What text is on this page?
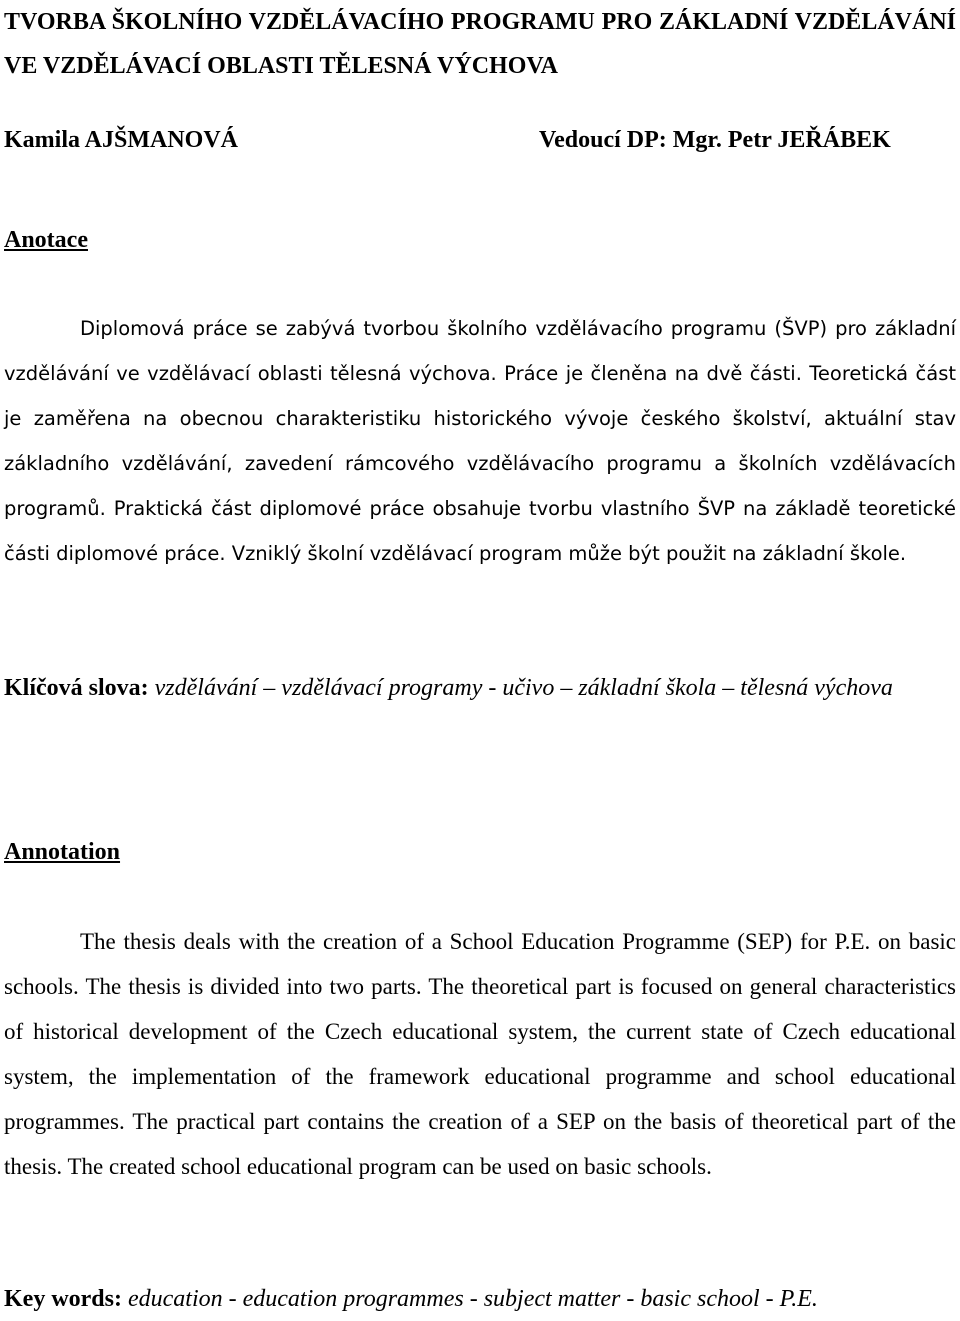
TVORBA ŠKOLNÍHO VZDĚLÁVACÍHO PROGRAMU PRO ZÁKLADNÍ VZDĚLÁVÁNÍ VE VZDĚLÁVACÍ OBLASTI TĚLESNÁ VÝCHOVA
Kamila AJŠMANOVÁ	Vedoucí DP: Mgr. Petr JEŘÁBEK
Anotace

Diplomová práce se zabývá tvorbou školního vzdělávacího programu (ŠVP) pro základní vzdělávání ve vzdělávací oblasti tělesná výchova. Práce je členěna na dvě části. Teoretická část je zaměřena na obecnou charakteristiku historického vývoje českého školství, aktuální stav základního vzdělávání, zavedení rámcového vzdělávacího programu a školních vzdělávacích programů. Praktická část diplomové práce obsahuje tvorbu vlastního ŠVP na základě teoretické části diplomové práce. Vzniklý školní vzdělávací program může být použit na základní škole.

Klíčová slova: vzdělávání – vzdělávací programy - učivo – základní škola – tělesná výchova

Annotation

The thesis deals with the creation of a School Education Programme (SEP) for P.E. on basic schools. The thesis is divided into two parts. The theoretical part is focused on general characteristics of historical development of the Czech educational system, the current state of Czech educational system, the implementation of the framework educational programme and school educational programmes. The practical part contains the creation of a SEP on the basis of theoretical part of the thesis. The created school educational program can be used on basic schools.

Key words: education - education programmes - subject matter - basic school - P.E.
